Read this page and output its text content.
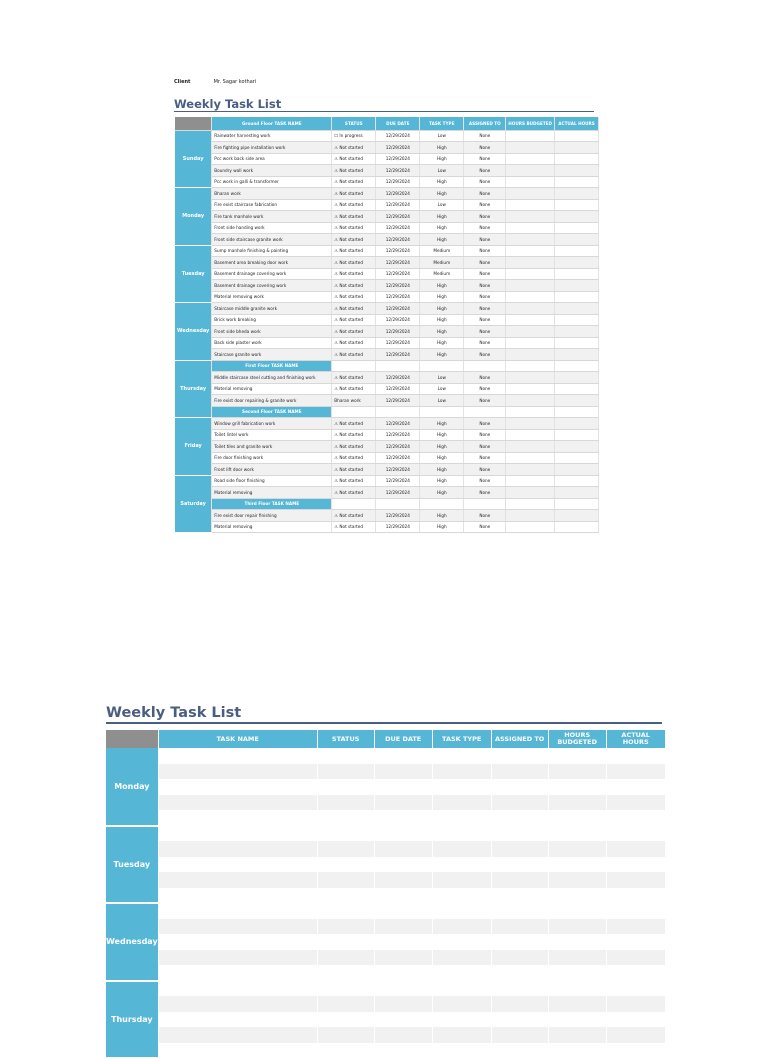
Client	Mr. Sagar kothari
Weekly Task List
	Ground Floor TASK NAME	STATUS	DUE DATE	TASK TYPE	ASSIGNED TO	HOURS BUDGETED	ACTUAL HOURS
Sunday	Rainwater harvesting work	☐ In progress	12/29/2024	Low	None		
	Fire fighting pipe installation work	⚠ Not started	12/29/2024	High	None		
	Pcc work back side area	⚠ Not started	12/29/2024	High	None		
	Boundry wall work	⚠ Not started	12/29/2024	Low	None		
	Pcc work in galli & transformer	⚠ Not started	12/29/2024	High	None		
Monday	Bharan work	⚠ Not started	12/29/2024	High	None		
	Fire exist staircase fabrication	⚠ Not started	12/29/2024	Low	None		
	Fire tank manhole work	⚠ Not started	12/29/2024	High	None		
	Front side handing work	⚠ Not started	12/29/2024	High	None		
	Front side staircase granite work	⚠ Not started	12/29/2024	High	None		
Tuesday	Sump manhole finishing & painting	⚠ Not started	12/29/2024	Medium	None		
	Basement area breaking door work	⚠ Not started	12/29/2024	Medium	None		
	Basement drainage covering work	⚠ Not started	12/29/2024	Medium	None		
	Basement drainage covering work	⚠ Not started	12/29/2024	High	None		
	Material removing work	⚠ Not started	12/29/2024	High	None		
Wednesday	Staircase middle granite work	⚠ Not started	12/29/2024	High	None		
	Brick work breaking	⚠ Not started	12/29/2024	High	None		
	Front side bheda work	⚠ Not started	12/29/2024	High	None		
	Back side plaster work	⚠ Not started	12/29/2024	High	None		
	Staircase granite work	⚠ Not started	12/29/2024	High	None		
Thursday	First Floor TASK NAME						
	Middle staircase steel cutting and finishing work	⚠ Not started	12/29/2024	Low	None		
	Material removing	⚠ Not started	12/29/2024	Low	None		
	Fire exist door repairing & granite work	Bharan work	12/29/2024	Low	None		
	Second Floor TASK NAME						
Friday	Window grill fabrication work	⚠ Not started	12/29/2024	High	None		
	Toilet lintel work	⚠ Not started	12/29/2024	High	None		
	Toilet tiles and granite work	⚠ Not started	12/29/2024	High	None		
	Fire door finishing work	⚠ Not started	12/29/2024	High	None		
	Front lift door work	⚠ Not started	12/29/2024	High	None		
Saturday	Road side floor finishing	⚠ Not started	12/29/2024	High	None		
	Material removing	⚠ Not started	12/29/2024	High	None		
	Third Floor TASK NAME						
	Fire exist door repair finishing	⚠ Not started	12/29/2024	High	None		
	Material removing	⚠ Not started	12/29/2024	High	None		
Weekly Task List
	TASK NAME	STATUS	DUE DATE	TASK TYPE	ASSIGNED TO	HOURS BUDGETED	ACTUAL HOURS
Monday							

Tuesday							

Wednesday							

Thursday							
